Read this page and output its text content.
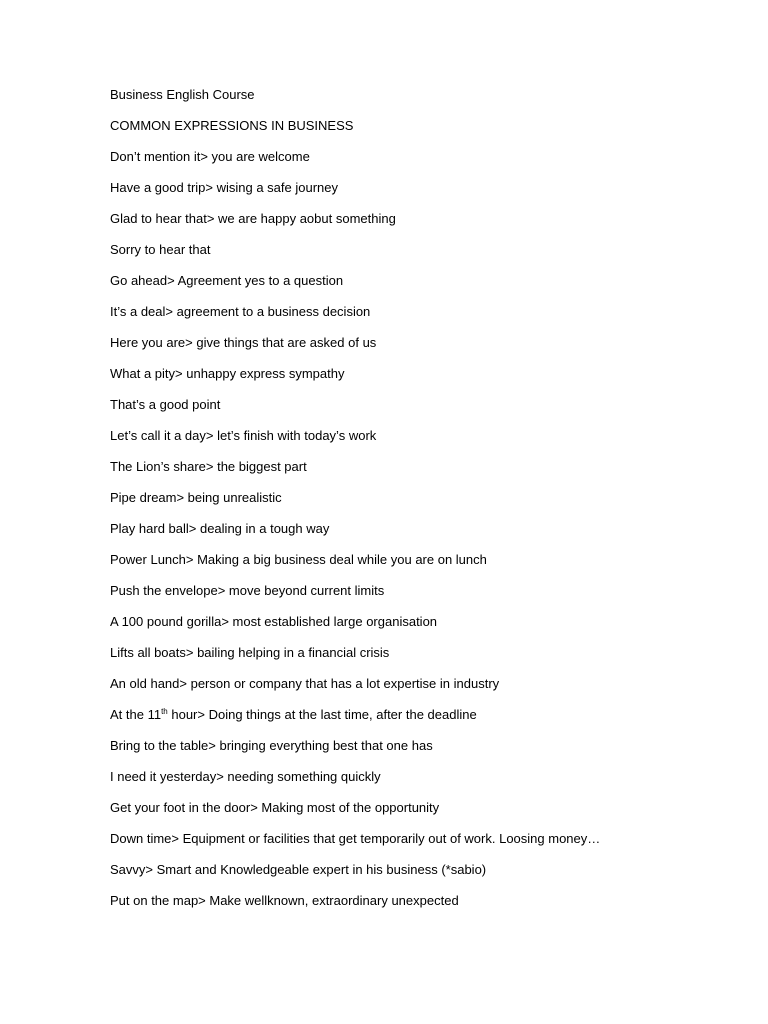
Business English Course
COMMON EXPRESSIONS IN BUSINESS
Don’t mention it> you are welcome
Have a good trip> wising a safe journey
Glad to hear that> we are happy aobut something
Sorry to hear that
Go ahead> Agreement yes to a question
It’s a deal> agreement to a business decision
Here you are> give things that are asked of us
What a pity> unhappy express sympathy
That’s a good point
Let’s call it a day> let’s finish with today’s work
The Lion’s share> the biggest part
Pipe dream> being unrealistic
Play hard ball> dealing in a tough way
Power Lunch> Making a big business deal while you are on lunch
Push the envelope> move beyond current limits
A 100 pound gorilla> most established large organisation
Lifts all boats> bailing helping in a financial crisis
An old hand> person or company that has a lot expertise in industry
At the 11th hour> Doing things at the last time, after the deadline
Bring to the table> bringing everything best that one has
I need it yesterday> needing something quickly
Get your foot in the door> Making most of the opportunity
Down time> Equipment or facilities that get temporarily out of work. Loosing money…
Savvy> Smart and Knowledgeable expert in his business (*sabio)
Put on the map> Make wellknown, extraordinary unexpected
